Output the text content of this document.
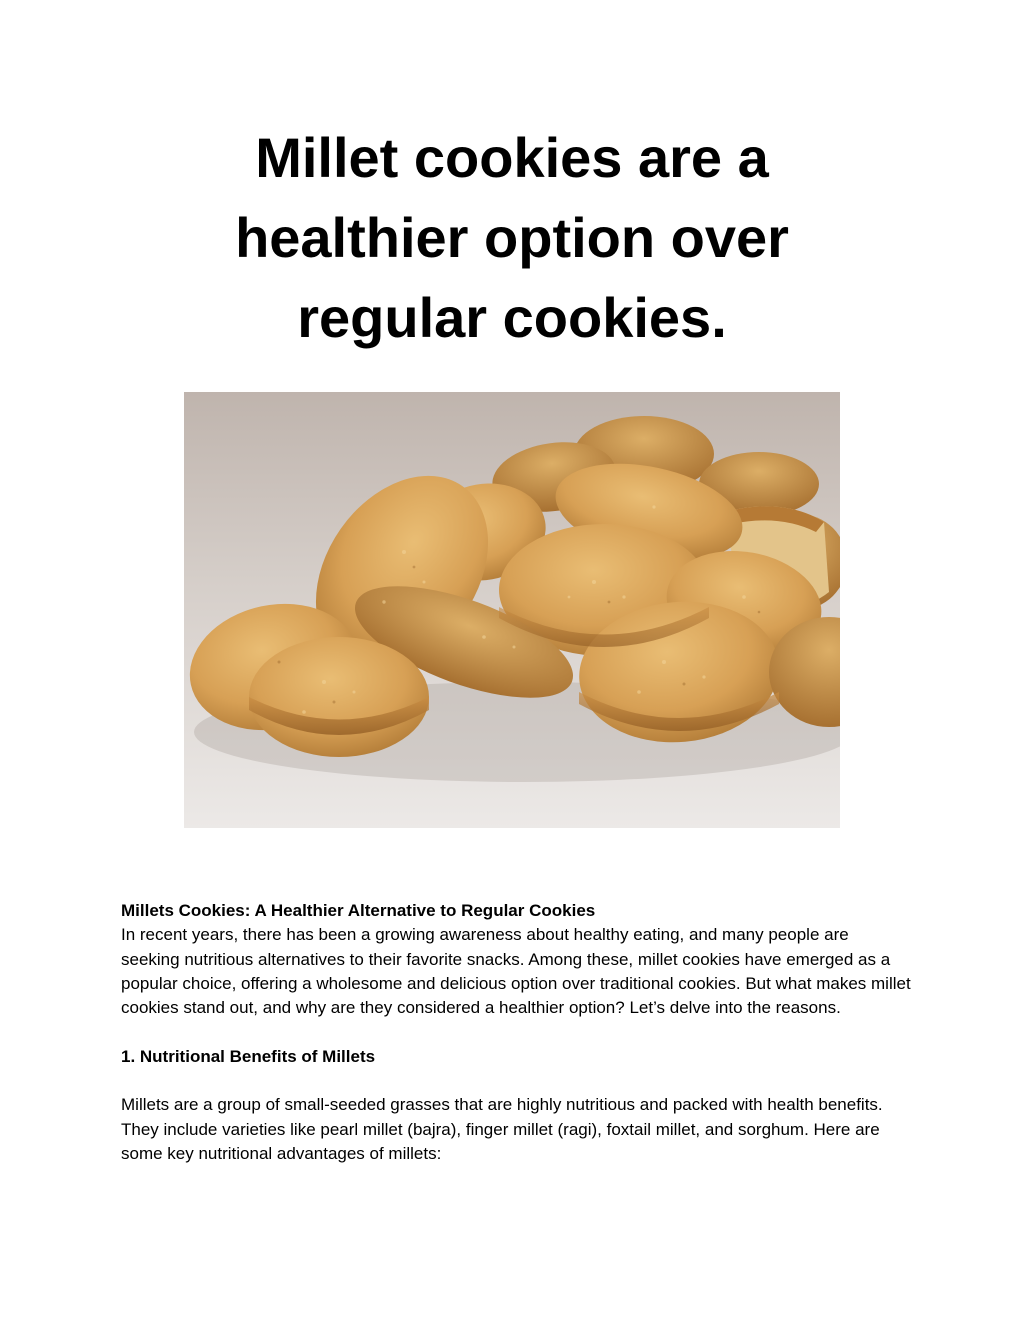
Millet cookies are a healthier option over regular cookies.

Millets Cookies: A Healthier Alternative to Regular Cookies

In recent years, there has been a growing awareness about healthy eating, and many people are seeking nutritious alternatives to their favorite snacks. Among these, millet cookies have emerged as a popular choice, offering a wholesome and delicious option over traditional cookies. But what makes millet cookies stand out, and why are they considered a healthier option? Let’s delve into the reasons.

1. Nutritional Benefits of Millets

Millets are a group of small-seeded grasses that are highly nutritious and packed with health benefits. They include varieties like pearl millet (bajra), finger millet (ragi), foxtail millet, and sorghum. Here are some key nutritional advantages of millets:
